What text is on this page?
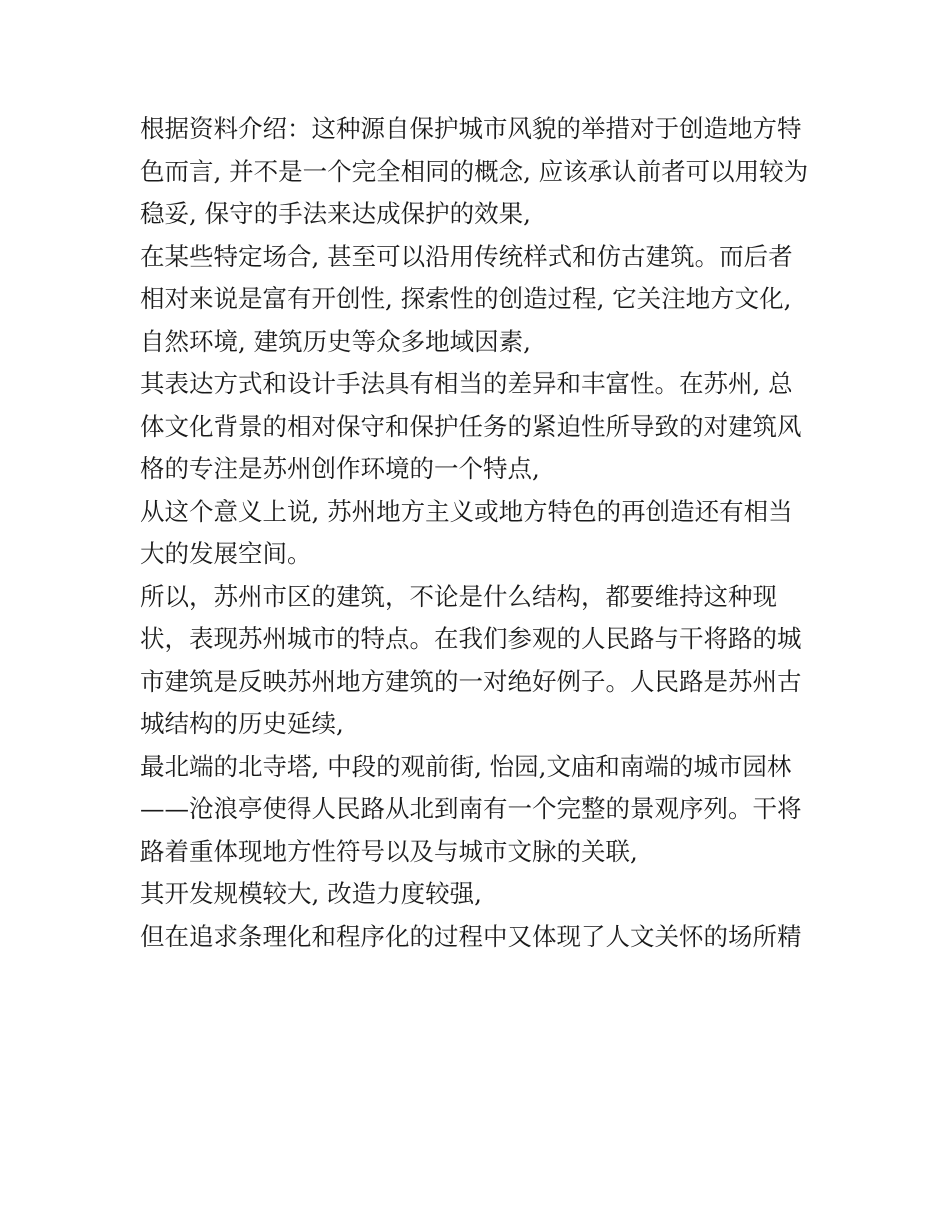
根据资料介绍：这种源自保护城市风貌的举措对于创造地方特
色而言, 并不是一个完全相同的概念, 应该承认前者可以用较为
稳妥, 保守的手法来达成保护的效果,
在某些特定场合, 甚至可以沿用传统样式和仿古建筑。而后者
相对来说是富有开创性, 探索性的创造过程, 它关注地方文化,
自然环境, 建筑历史等众多地域因素,
其表达方式和设计手法具有相当的差异和丰富性。在苏州, 总
体文化背景的相对保守和保护任务的紧迫性所导致的对建筑风
格的专注是苏州创作环境的一个特点,
从这个意义上说, 苏州地方主义或地方特色的再创造还有相当
大的发展空间。
所以，苏州市区的建筑，不论是什么结构，都要维持这种现
状，表现苏州城市的特点。在我们参观的人民路与干将路的城
市建筑是反映苏州地方建筑的一对绝好例子。人民路是苏州古
城结构的历史延续,
最北端的北寺塔, 中段的观前街, 怡园,文庙和南端的城市园林
——沧浪亭使得人民路从北到南有一个完整的景观序列。干将
路着重体现地方性符号以及与城市文脉的关联,
其开发规模较大, 改造力度较强,
但在追求条理化和程序化的过程中又体现了人文关怀的场所精
